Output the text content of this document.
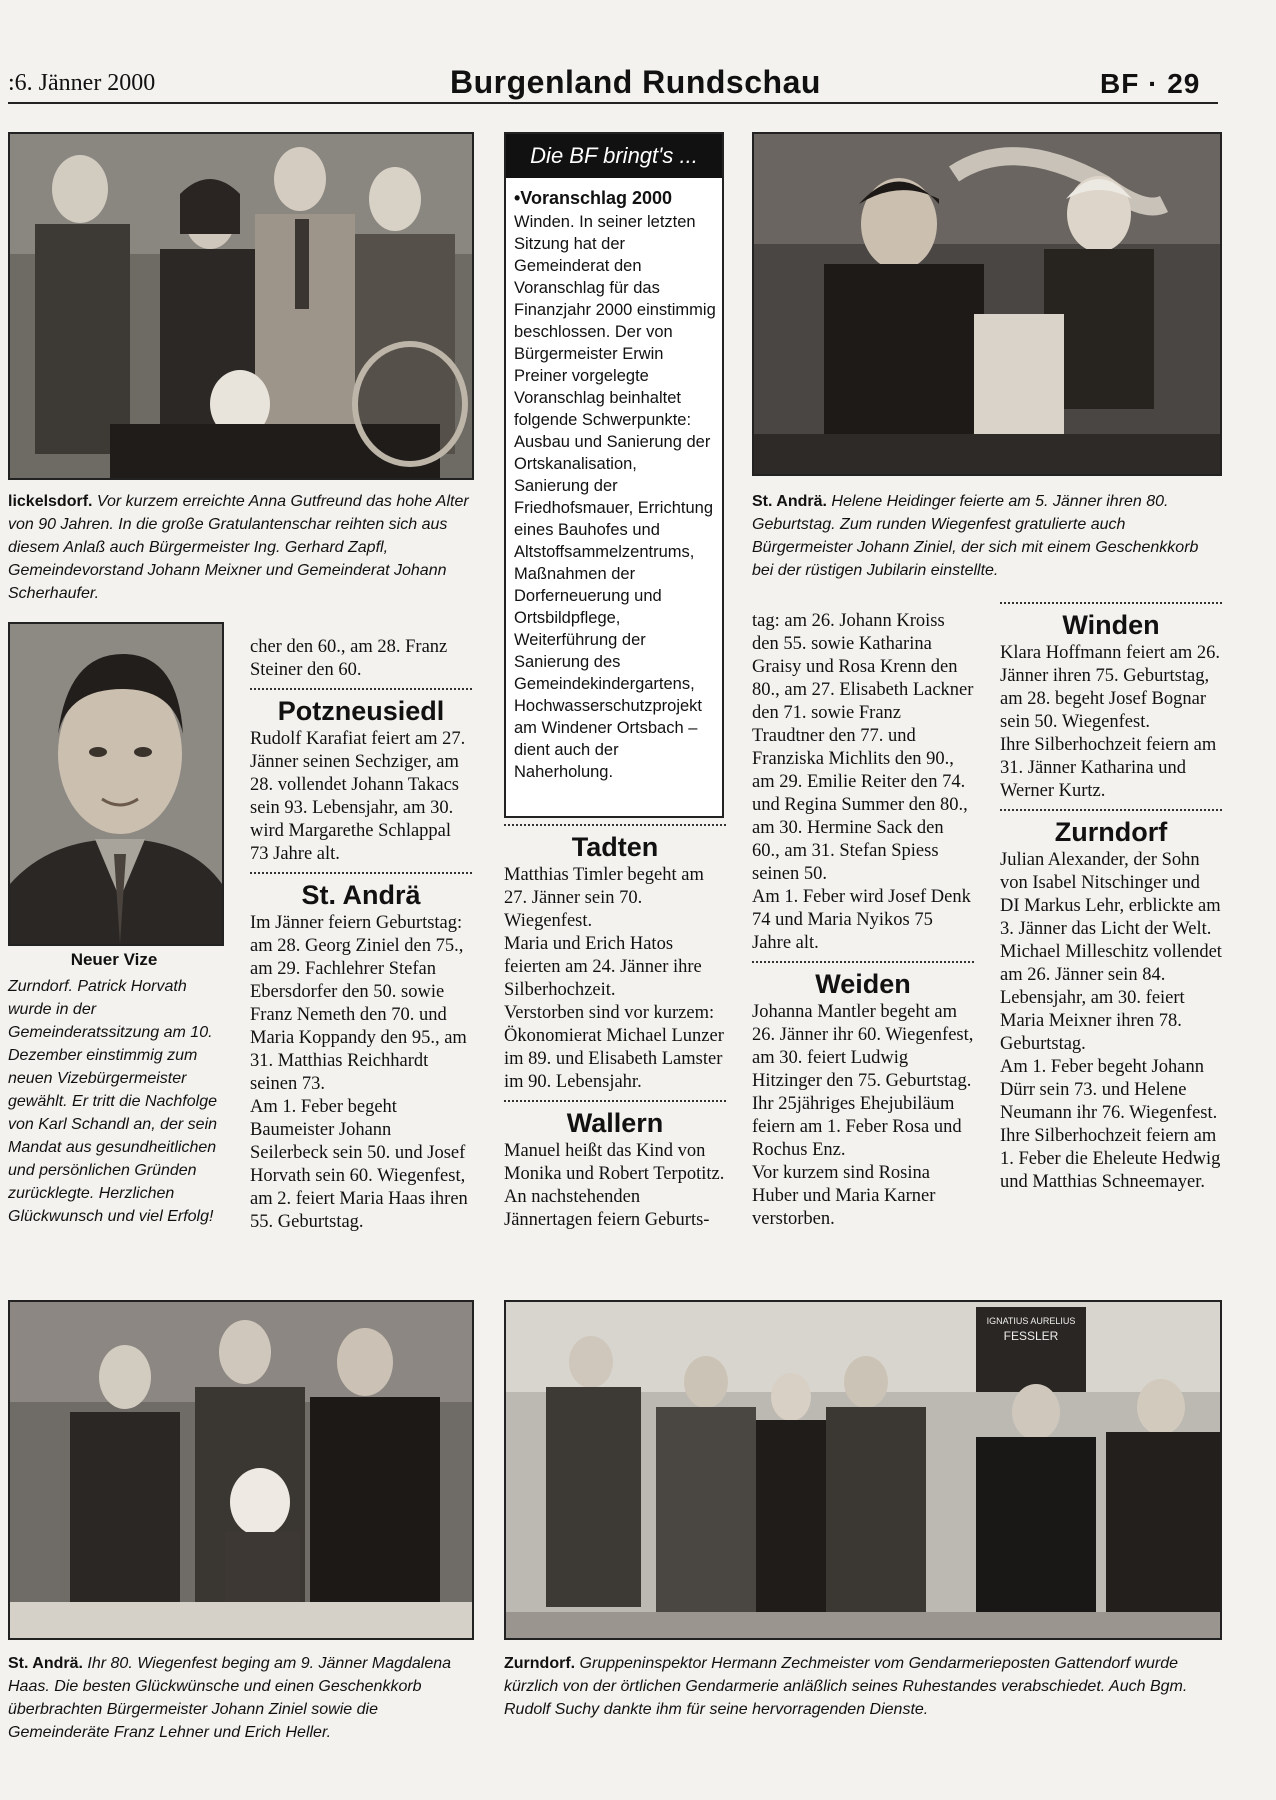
:6. Jänner 2000	Burgenland Rundschau	BF · 29
lickelsdorf. Vor kurzem erreichte Anna Gutfreund das hohe Alter von 90 Jahren. In die große Gratulantenschar reihten sich aus diesem Anlaß auch Bürgermeister Ing. Gerhard Zapfl, Gemeindevorstand Johann Meixner und Gemeinderat Johann Scherhaufer.
Neuer Vize
Zurndorf. Patrick Horvath wurde in der Gemeinderatssitzung am 10. Dezember einstimmig zum neuen Vizebürgermeister gewählt. Er tritt die Nachfolge von Karl Schandl an, der sein Mandat aus gesundheitlichen und persönlichen Gründen zurücklegte. Herzlichen Glückwunsch und viel Erfolg!

cher den 60., am 28. Franz Steiner den 60.

Potzneusiedl

Rudolf Karafiat feiert am 27. Jänner seinen Sechziger, am 28. vollendet Johann Takacs sein 93. Lebensjahr, am 30. wird Margarethe Schlappal 73 Jahre alt.

St. Andrä

Im Jänner feiern Geburtstag: am 28. Georg Ziniel den 75., am 29. Fachlehrer Stefan Ebersdorfer den 50. sowie Franz Nemeth den 70. und Maria Koppandy den 95., am 31. Matthias Reichhardt seinen 73.

Am 1. Feber begeht Baumeister Johann Seilerbeck sein 50. und Josef Horvath sein 60. Wiegenfest, am 2. feiert Maria Haas ihren 55. Geburtstag.

Die BF bringt's ...
•Voranschlag 2000
Winden. In seiner letzten Sitzung hat der Gemeinderat den Voranschlag für das Finanzjahr 2000 einstimmig beschlossen. Der von Bürgermeister Erwin Preiner vorgelegte Voranschlag beinhaltet folgende Schwerpunkte: Ausbau und Sanierung der Ortskanalisation, Sanierung der Friedhofsmauer, Errichtung eines Bauhofes und Altstoffsammelzentrums, Maßnahmen der Dorferneuerung und Ortsbildpflege, Weiterführung der Sanierung des Gemeindekindergartens, Hochwasserschutzprojekt am Windener Ortsbach – dient auch der Naherholung.

Tadten

Matthias Timler begeht am 27. Jänner sein 70. Wiegenfest.

Maria und Erich Hatos feierten am 24. Jänner ihre Silberhochzeit.

Verstorben sind vor kurzem: Ökonomierat Michael Lunzer im 89. und Elisabeth Lamster im 90. Lebensjahr.

Wallern

Manuel heißt das Kind von Monika und Robert Terpotitz.

An nachstehenden Jännertagen feiern Geburts-

St. Andrä. Helene Heidinger feierte am 5. Jänner ihren 80. Geburtstag. Zum runden Wiegenfest gratulierte auch Bürgermeister Johann Ziniel, der sich mit einem Geschenkkorb bei der rüstigen Jubilarin einstellte.

tag: am 26. Johann Kroiss den 55. sowie Katharina Graisy und Rosa Krenn den 80., am 27. Elisabeth Lackner den 71. sowie Franz Traudtner den 77. und Franziska Michlits den 90., am 29. Emilie Reiter den 74. und Regina Summer den 80., am 30. Hermine Sack den 60., am 31. Stefan Spiess seinen 50.

Am 1. Feber wird Josef Denk 74 und Maria Nyikos 75 Jahre alt.

Weiden

Johanna Mantler begeht am 26. Jänner ihr 60. Wiegenfest, am 30. feiert Ludwig Hitzinger den 75. Geburtstag.

Ihr 25jähriges Ehejubiläum feiern am 1. Feber Rosa und Rochus Enz.

Vor kurzem sind Rosina Huber und Maria Karner verstorben.

Winden

Klara Hoffmann feiert am 26. Jänner ihren 75. Geburtstag, am 28. begeht Josef Bognar sein 50. Wiegenfest.

Ihre Silberhochzeit feiern am 31. Jänner Katharina und Werner Kurtz.

Zurndorf

Julian Alexander, der Sohn von Isabel Nitschinger und DI Markus Lehr, erblickte am 3. Jänner das Licht der Welt.

Michael Milleschitz vollendet am 26. Jänner sein 84. Lebensjahr, am 30. feiert Maria Meixner ihren 78. Geburtstag.

Am 1. Feber begeht Johann Dürr sein 73. und Helene Neumann ihr 76. Wiegenfest.

Ihre Silberhochzeit feiern am 1. Feber die Eheleute Hedwig und Matthias Schneemayer.

St. Andrä. Ihr 80. Wiegenfest beging am 9. Jänner Magdalena Haas. Die besten Glückwünsche und einen Geschenkkorb überbrachten Bürgermeister Johann Ziniel sowie die Gemeinderäte Franz Lehner und Erich Heller.
IGNATIUS AURELIUS
FESSLER
Zurndorf. Gruppeninspektor Hermann Zechmeister vom Gendarmerieposten Gattendorf wurde kürzlich von der örtlichen Gendarmerie anläßlich seines Ruhestandes verabschiedet. Auch Bgm. Rudolf Suchy dankte ihm für seine hervorragenden Dienste.
